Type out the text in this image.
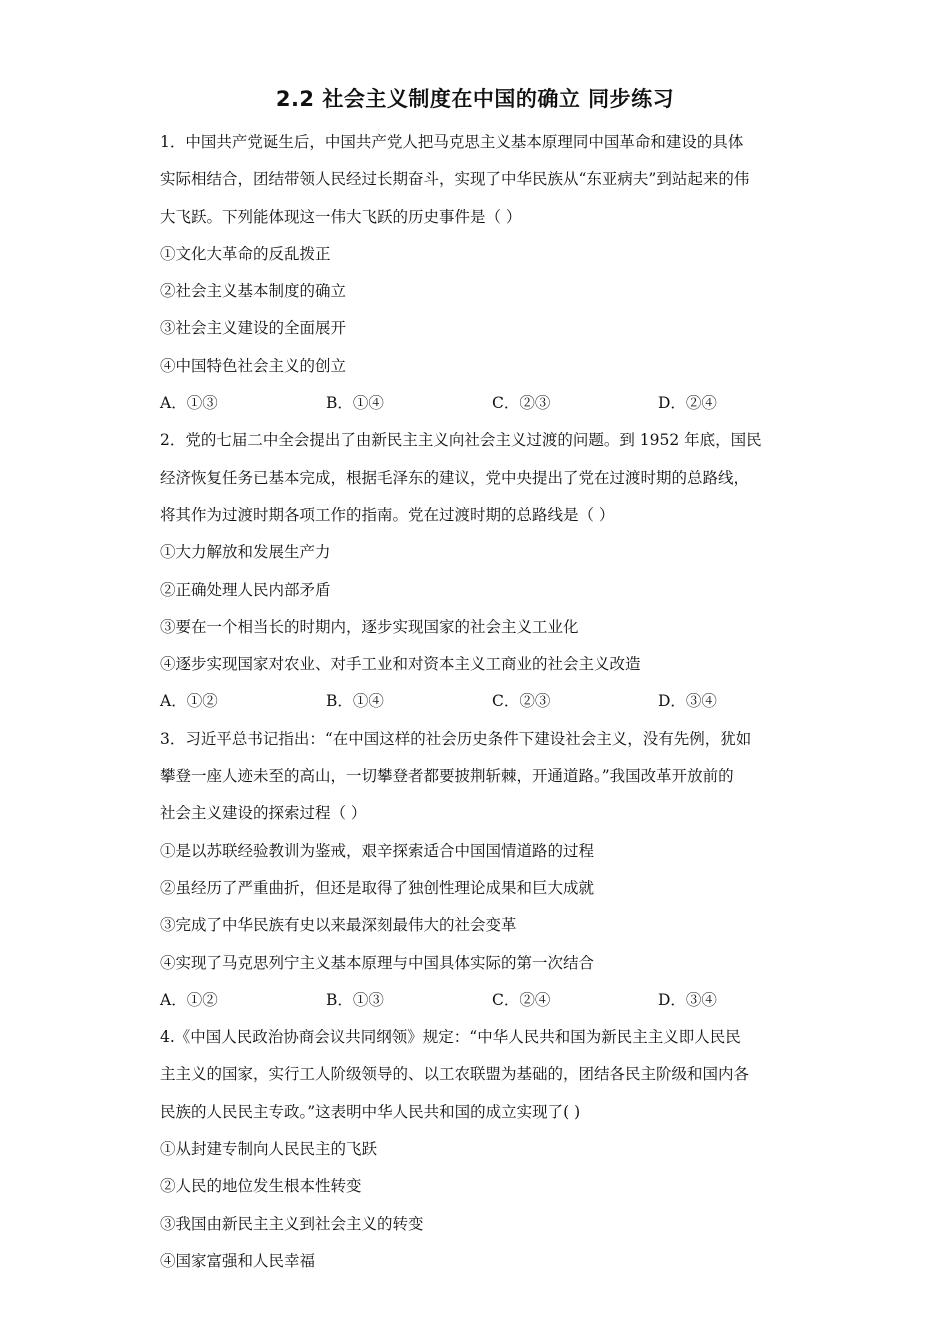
2.2 社会主义制度在中国的确立 同步练习
1．中国共产党诞生后，中国共产党人把马克思主义基本原理同中国革命和建设的具体
实际相结合，团结带领人民经过长期奋斗，实现了中华民族从“东亚病夫”到站起来的伟
大飞跃。下列能体现这一伟大飞跃的历史事件是（ ）
①文化大革命的反乱拨正
②社会主义基本制度的确立
③社会主义建设的全面展开
④中国特色社会主义的创立
A．①③	B．①④	C．②③	D．②④
2．党的七届二中全会提出了由新民主主义向社会主义过渡的问题。到 1952 年底，国民
经济恢复任务已基本完成，根据毛泽东的建议，党中央提出了党在过渡时期的总路线，
将其作为过渡时期各项工作的指南。党在过渡时期的总路线是（ ）
①大力解放和发展生产力
②正确处理人民内部矛盾
③要在一个相当长的时期内，逐步实现国家的社会主义工业化
④逐步实现国家对农业、对手工业和对资本主义工商业的社会主义改造
A．①②	B．①④	C．②③	D．③④
3．习近平总书记指出：“在中国这样的社会历史条件下建设社会主义，没有先例，犹如
攀登一座人迹未至的高山，一切攀登者都要披荆斩棘，开通道路。”我国改革开放前的
社会主义建设的探索过程（ ）
①是以苏联经验教训为鉴戒，艰辛探索适合中国国情道路的过程
②虽经历了严重曲折，但还是取得了独创性理论成果和巨大成就
③完成了中华民族有史以来最深刻最伟大的社会变革
④实现了马克思列宁主义基本原理与中国具体实际的第一次结合
A．①②	B．①③	C．②④	D．③④
4.《中国人民政治协商会议共同纲领》规定：“中华人民共和国为新民主主义即人民民
主主义的国家，实行工人阶级领导的、以工农联盟为基础的，团结各民主阶级和国内各
民族的人民民主专政。”这表明中华人民共和国的成立实现了( )
①从封建专制向人民民主的飞跃
②人民的地位发生根本性转变
③我国由新民主主义到社会主义的转变
④国家富强和人民幸福
